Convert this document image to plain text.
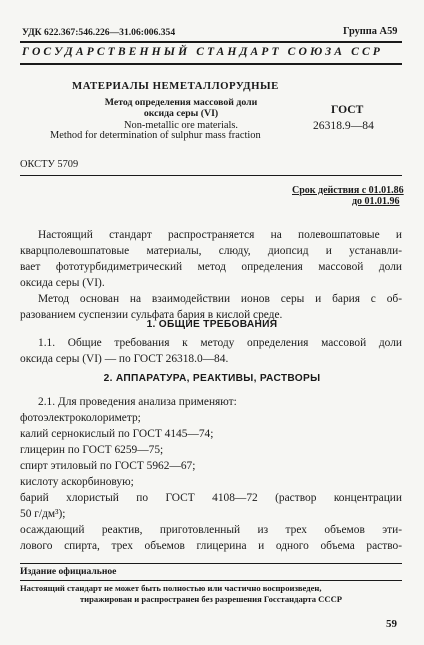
УДК 622.367:546.226—31.06:006.354	Группа А59
ГОСУДАРСТВЕННЫЙ СТАНДАРТ СОЮЗА ССР
МАТЕРИАЛЫ НЕМЕТАЛЛОРУДНЫЕ
Метод определения массовой доли
оксида серы (VI)
Non-metallic ore materials.
Method for determination of sulphur mass fraction
ГОСТ
26318.9—84
ОКСТУ 5709
Срок действия с 01.01.86
до 01.01.96
Настоящий стандарт распространяется на полевошпатовые и
кварцполевошпатовые материалы, слюду, диопсид и устанавли-
вает фототурбидиметрический метод определения массовой доли
оксида серы (VI).
Метод основан на взаимодействии ионов серы и бария с об-
разованием суспензии сульфата бария в кислой среде.
1. ОБЩИЕ ТРЕБОВАНИЯ
1.1. Общие требования к методу определения массовой доли
оксида серы (VI) — по ГОСТ 26318.0—84.
2. АППАРАТУРА, РЕАКТИВЫ, РАСТВОРЫ
2.1. Для проведения анализа применяют:
фотоэлектроколориметр;
калий сернокислый по ГОСТ 4145—74;
глицерин по ГОСТ 6259—75;
спирт этиловый по ГОСТ 5962—67;
кислоту аскорбиновую;
барий хлористый по ГОСТ 4108—72 (раствор концентрации
50 г/дм³);
осаждающий реактив, приготовленный из трех объемов эти-
лового спирта, трех объемов глицерина и одного объема раство-
Издание официальное
Настоящий стандарт не может быть полностью или частично воспроизведен,
тиражирован и распространен без разрешения Госстандарта СССР
59
